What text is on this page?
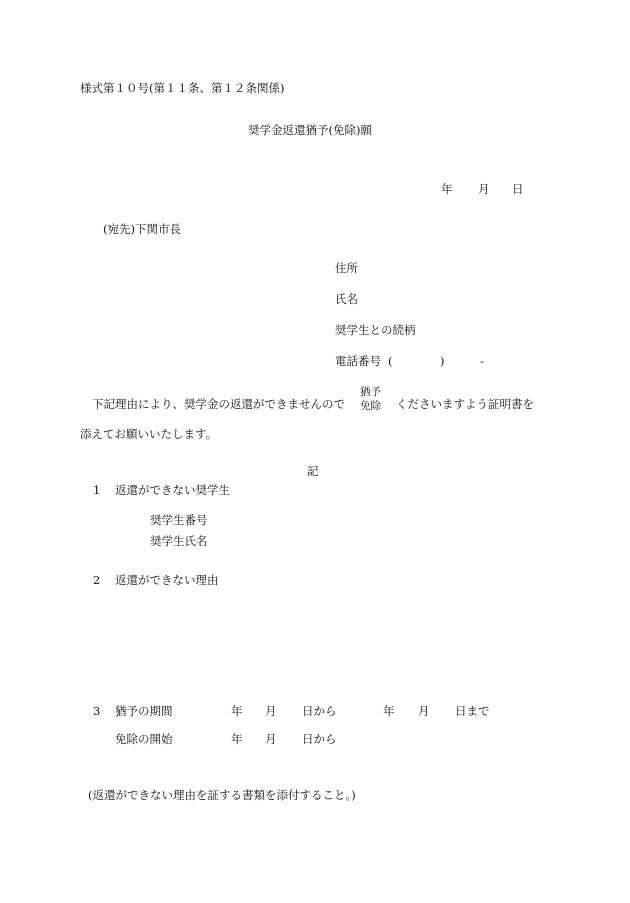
様式第１０号(第１１条、第１２条関係)
奨学金返還猶予(免除)願
年 月 日
(宛先)下関市長
住所
氏名
奨学生との続柄
電話番号 (	)	-
下記理由により、奨学金の返還ができませんので
猶予
免除 くださいますよう証明書を
添えてお願いいたします。
記
1 返還ができない奨学生
奨学生番号
奨学生氏名
2 返還ができない理由
3 猶予の期間	年 月 日から	年 月 日まで
免除の開始	年 月 日から
(返還ができない理由を証する書類を添付すること。)
